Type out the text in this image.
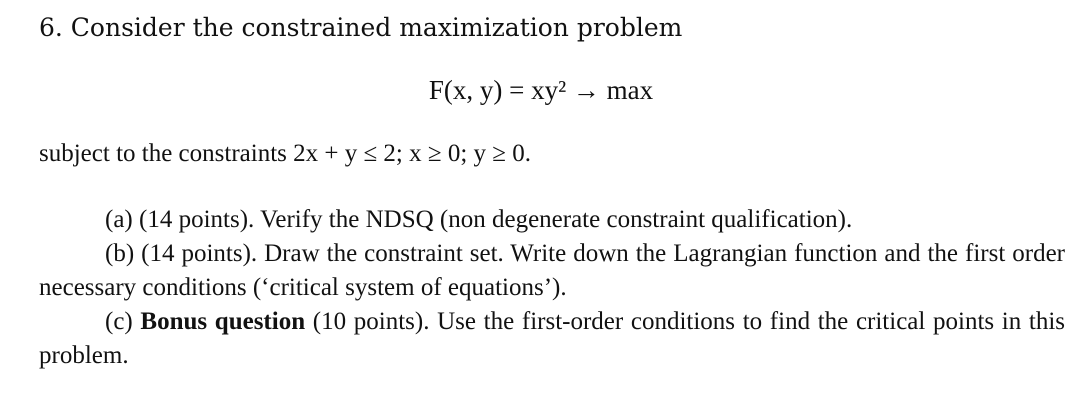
6. Consider the constrained maximization problem
F(x, y) = xy² → max
subject to the constraints 2x + y ≤ 2; x ≥ 0; y ≥ 0.
(a) (14 points). Verify the NDSQ (non degenerate constraint qualification).
(b) (14 points). Draw the constraint set. Write down the Lagrangian function and the first order necessary conditions (‘critical system of equations’).
(c) Bonus question (10 points). Use the first-order conditions to find the critical points in this problem.
